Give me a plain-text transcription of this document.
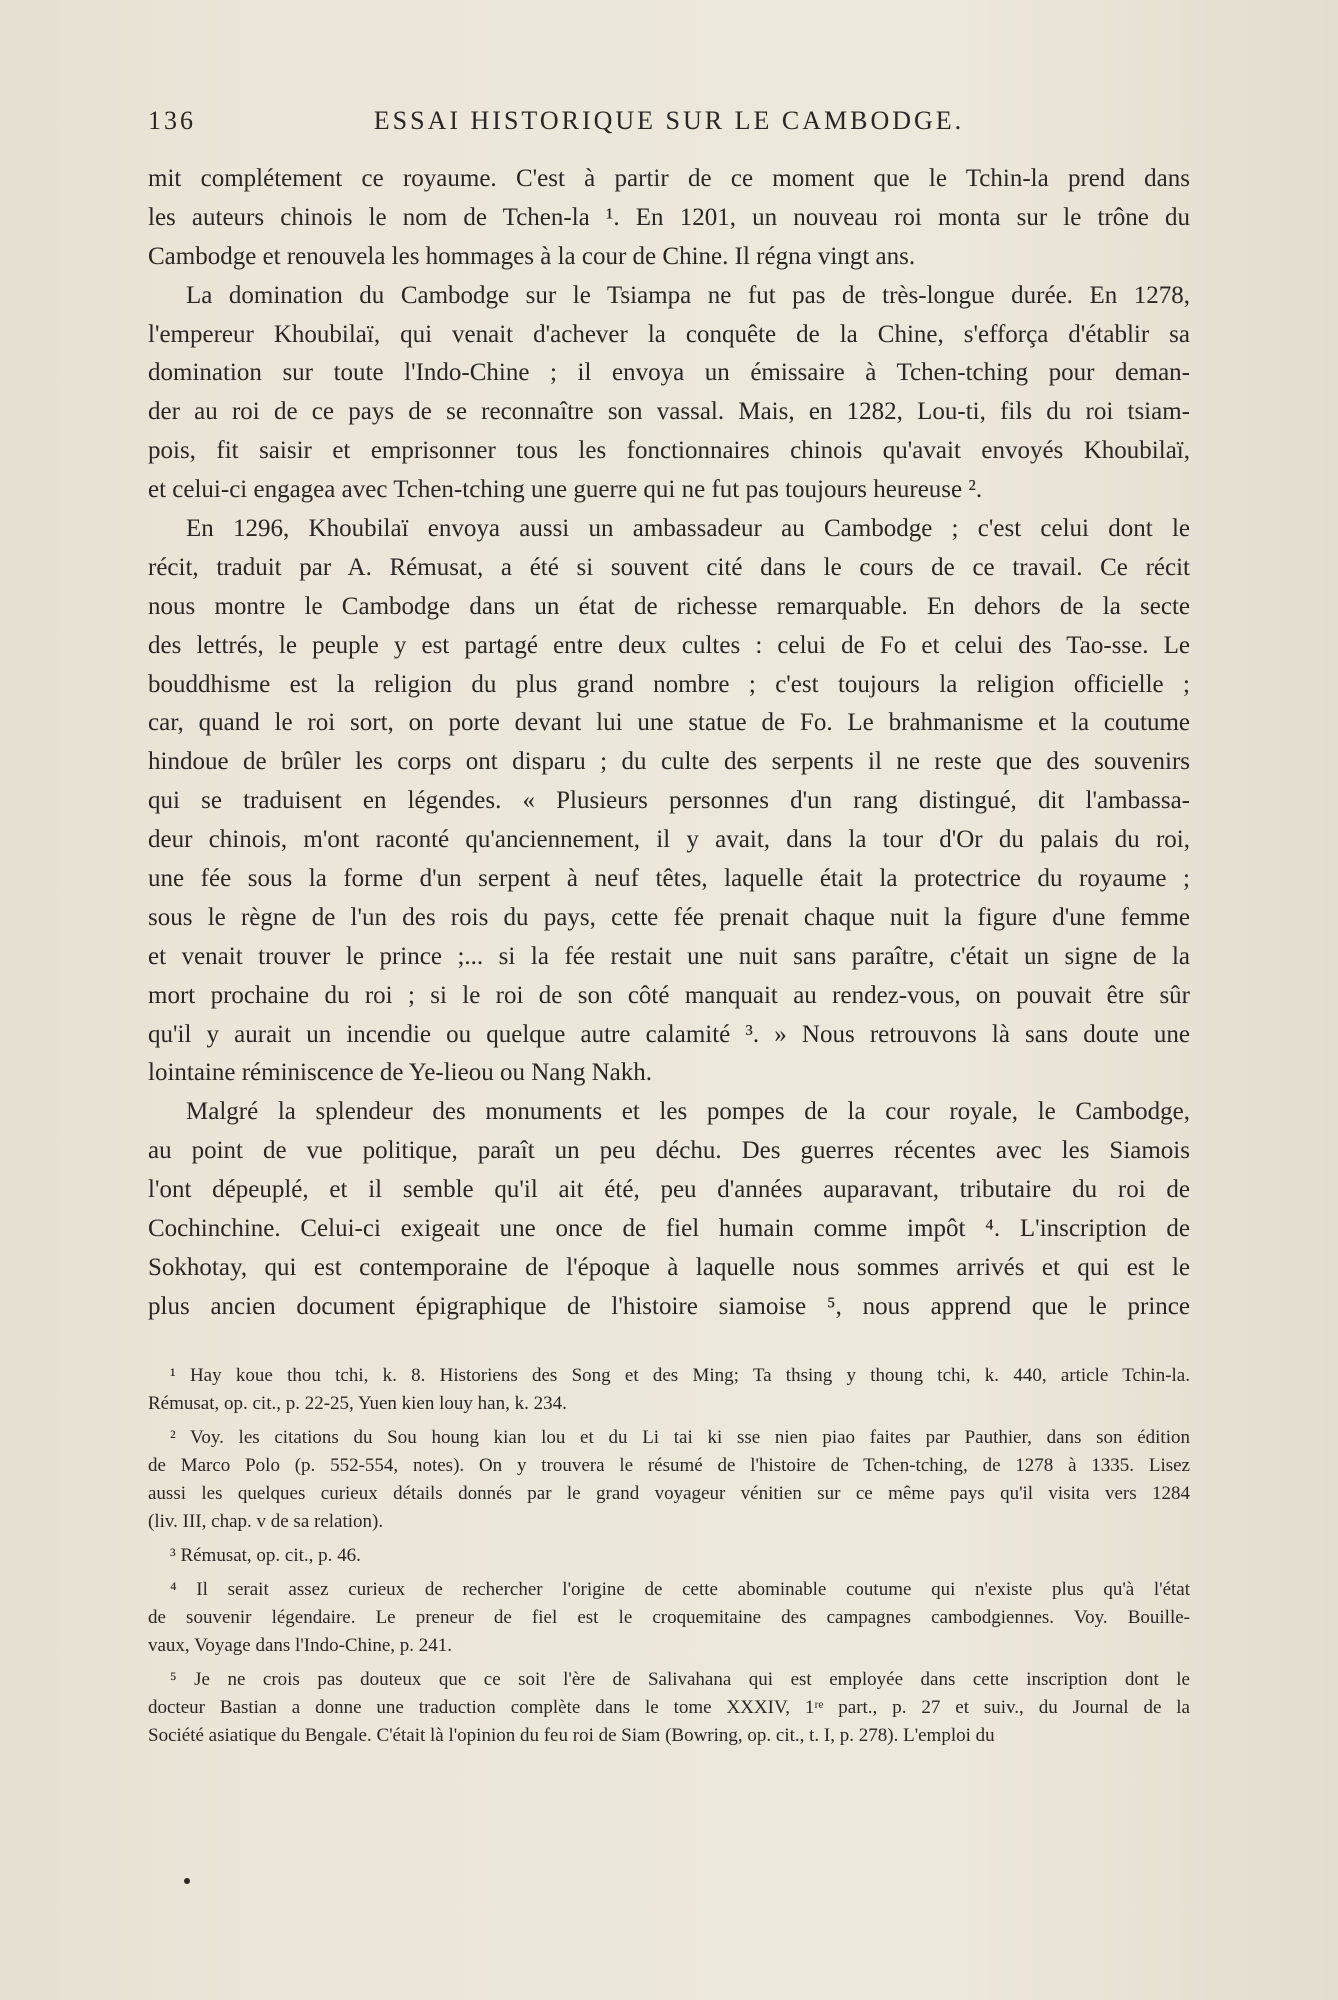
136	ESSAI HISTORIQUE SUR LE CAMBODGE.
mit complétement ce royaume. C'est à partir de ce moment que le Tchin-la prend dans
les auteurs chinois le nom de Tchen-la ¹. En 1201, un nouveau roi monta sur le trône du
Cambodge et renouvela les hommages à la cour de Chine. Il régna vingt ans.
La domination du Cambodge sur le Tsiampa ne fut pas de très-longue durée. En 1278,
l'empereur Khoubilaï, qui venait d'achever la conquête de la Chine, s'efforça d'établir sa
domination sur toute l'Indo-Chine ; il envoya un émissaire à Tchen-tching pour deman-
der au roi de ce pays de se reconnaître son vassal. Mais, en 1282, Lou-ti, fils du roi tsiam-
pois, fit saisir et emprisonner tous les fonctionnaires chinois qu'avait envoyés Khoubilaï,
et celui-ci engagea avec Tchen-tching une guerre qui ne fut pas toujours heureuse ².
En 1296, Khoubilaï envoya aussi un ambassadeur au Cambodge ; c'est celui dont le
récit, traduit par A. Rémusat, a été si souvent cité dans le cours de ce travail. Ce récit
nous montre le Cambodge dans un état de richesse remarquable. En dehors de la secte
des lettrés, le peuple y est partagé entre deux cultes : celui de Fo et celui des Tao-sse. Le
bouddhisme est la religion du plus grand nombre ; c'est toujours la religion officielle ;
car, quand le roi sort, on porte devant lui une statue de Fo. Le brahmanisme et la coutume
hindoue de brûler les corps ont disparu ; du culte des serpents il ne reste que des souvenirs
qui se traduisent en légendes. « Plusieurs personnes d'un rang distingué, dit l'ambassa-
deur chinois, m'ont raconté qu'anciennement, il y avait, dans la tour d'Or du palais du roi,
une fée sous la forme d'un serpent à neuf têtes, laquelle était la protectrice du royaume ;
sous le règne de l'un des rois du pays, cette fée prenait chaque nuit la figure d'une femme
et venait trouver le prince ;... si la fée restait une nuit sans paraître, c'était un signe de la
mort prochaine du roi ; si le roi de son côté manquait au rendez-vous, on pouvait être sûr
qu'il y aurait un incendie ou quelque autre calamité ³. » Nous retrouvons là sans doute une
lointaine réminiscence de Ye-lieou ou Nang Nakh.
Malgré la splendeur des monuments et les pompes de la cour royale, le Cambodge,
au point de vue politique, paraît un peu déchu. Des guerres récentes avec les Siamois
l'ont dépeuplé, et il semble qu'il ait été, peu d'années auparavant, tributaire du roi de
Cochinchine. Celui-ci exigeait une once de fiel humain comme impôt ⁴. L'inscription de
Sokhotay, qui est contemporaine de l'époque à laquelle nous sommes arrivés et qui est le
plus ancien document épigraphique de l'histoire siamoise ⁵, nous apprend que le prince
¹ Hay koue thou tchi, k. 8. Historiens des Song et des Ming; Ta thsing y thoung tchi, k. 440, article Tchin-la.
Rémusat, op. cit., p. 22-25, Yuen kien louy han, k. 234.
² Voy. les citations du Sou houng kian lou et du Li tai ki sse nien piao faites par Pauthier, dans son édition
de Marco Polo (p. 552-554, notes). On y trouvera le résumé de l'histoire de Tchen-tching, de 1278 à 1335. Lisez
aussi les quelques curieux détails donnés par le grand voyageur vénitien sur ce même pays qu'il visita vers 1284
(liv. III, chap. v de sa relation).
³ Rémusat, op. cit., p. 46.
⁴ Il serait assez curieux de rechercher l'origine de cette abominable coutume qui n'existe plus qu'à l'état
de souvenir légendaire. Le preneur de fiel est le croquemitaine des campagnes cambodgiennes. Voy. Bouille-
vaux, Voyage dans l'Indo-Chine, p. 241.
⁵ Je ne crois pas douteux que ce soit l'ère de Salivahana qui est employée dans cette inscription dont le
docteur Bastian a donne une traduction complète dans le tome XXXIV, 1ʳᵉ part., p. 27 et suiv., du Journal de la
Société asiatique du Bengale. C'était là l'opinion du feu roi de Siam (Bowring, op. cit., t. I, p. 278). L'emploi du
